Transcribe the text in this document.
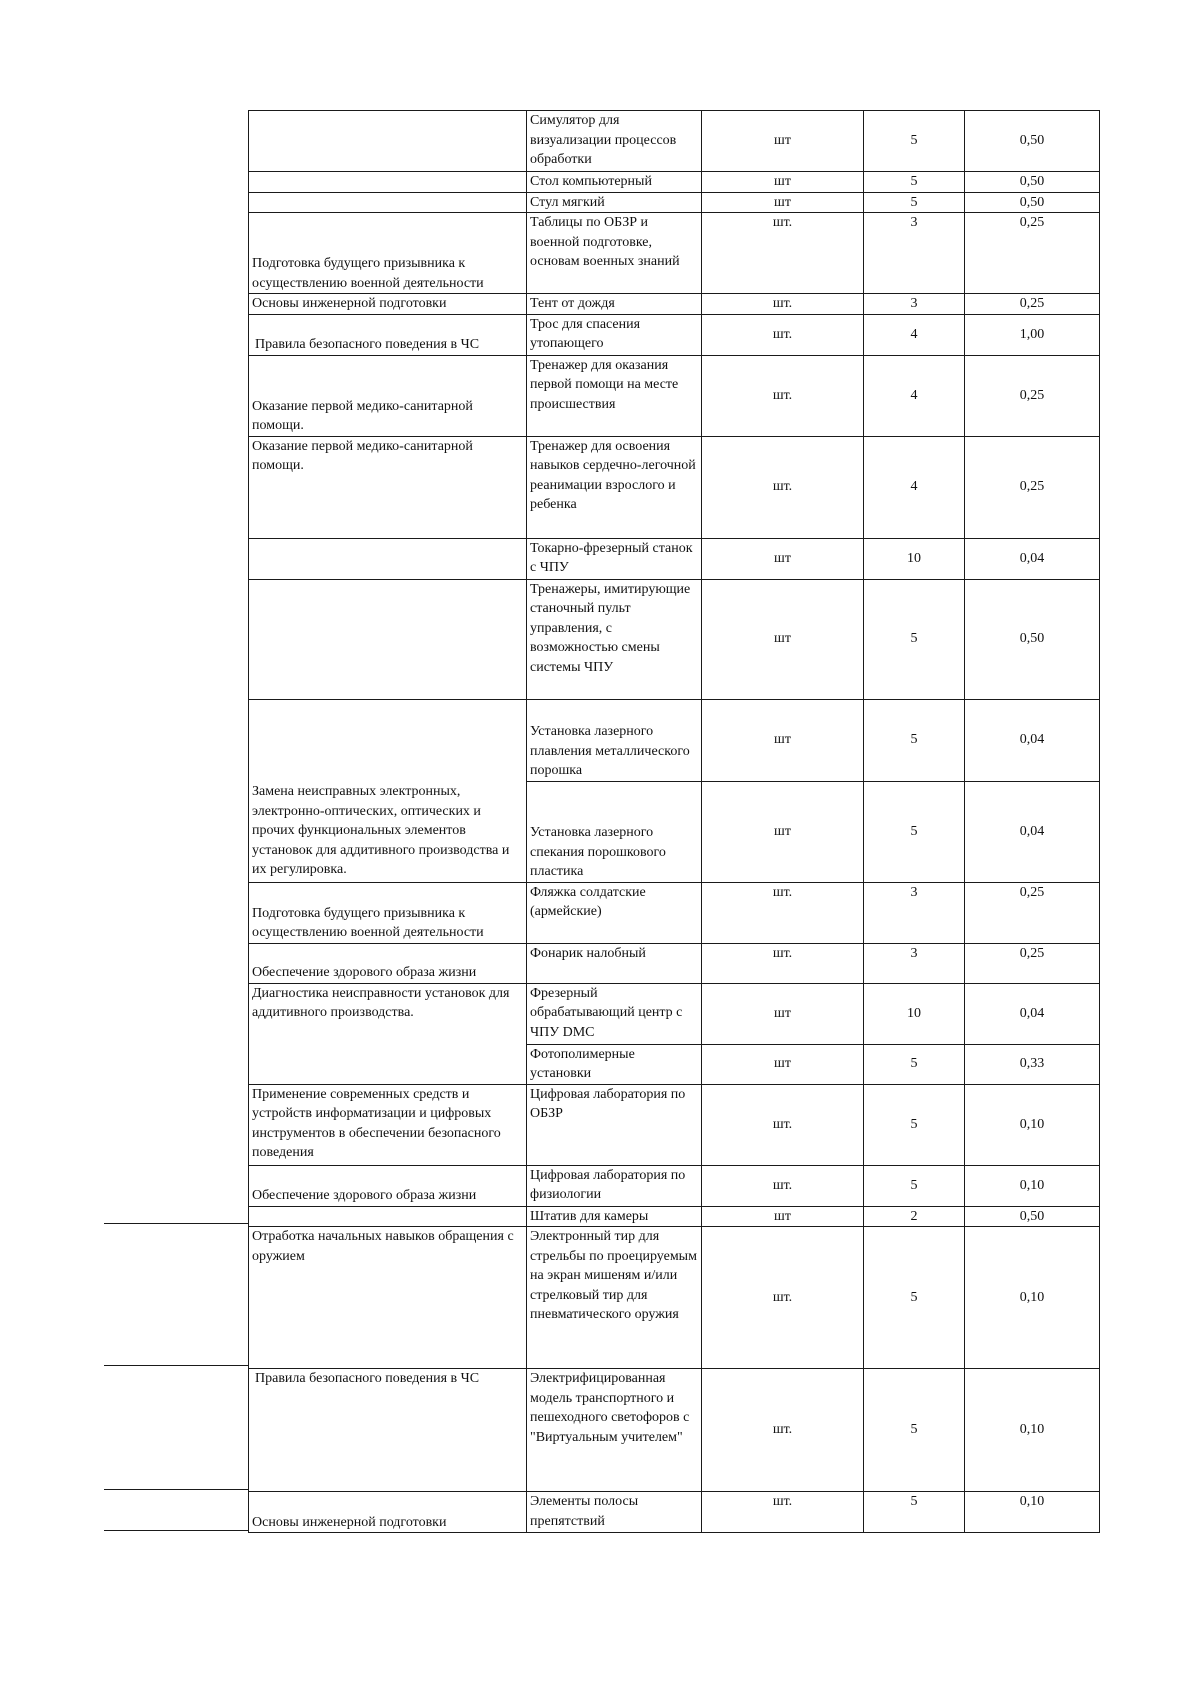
	Симулятор для визуализации процессов обработки	шт	5	0,50
	Стол компьютерный	шт	5	0,50
	Стул мягкий	шт	5	0,50
Подготовка будущего призывника к осуществлению военной деятельности	Таблицы по ОБЗР и военной подготовке, основам военных знаний	шт.	3	0,25
Основы инженерной подготовки	Тент от дождя	шт.	3	0,25
Правила безопасного поведения в ЧС	Трос для спасения утопающего	шт.	4	1,00
Оказание первой медико-санитарной помощи.	Тренажер для оказания первой помощи на месте происшествия	шт.	4	0,25
Оказание первой медико-санитарной помощи.	Тренажер для освоения навыков сердечно-легочной реанимации взрослого и ребенка	шт.	4	0,25
	Токарно-фрезерный станок с ЧПУ	шт	10	0,04
	Тренажеры, имитирующие станочный пульт управления, с возможностью смены системы ЧПУ	шт	5	0,50
Замена неисправных электронных, электронно-оптических, оптических и прочих функциональных элементов установок для аддитивного производства и их регулировка.	Установка лазерного плавления металлического порошка	шт	5	0,04
	Установка лазерного спекания порошкового пластика	шт	5	0,04
Подготовка будущего призывника к осуществлению военной деятельности	Фляжка солдатские (армейские)	шт.	3	0,25
Обеспечение здорового образа жизни	Фонарик налобный	шт.	3	0,25
Диагностика неисправности установок для аддитивного производства.	Фрезерный обрабатывающий центр с ЧПУ DMC	шт	10	0,04
	Фотополимерные установки	шт	5	0,33
Применение современных средств и устройств информатизации и цифровых инструментов в обеспечении безопасного поведения	Цифровая лаборатория по ОБЗР	шт.	5	0,10
Обеспечение здорового образа жизни	Цифровая лаборатория по физиологии	шт.	5	0,10
	Штатив для камеры	шт	2	0,50
Отработка начальных навыков обращения с оружием	Электронный тир для стрельбы по проецируемым на экран мишеням и/или стрелковый тир для пневматического оружия	шт.	5	0,10
Правила безопасного поведения в ЧС	Электрифицированная модель транспортного и пешеходного светофоров с "Виртуальным учителем"	шт.	5	0,10
Основы инженерной подготовки	Элементы полосы препятствий	шт.	5	0,10
